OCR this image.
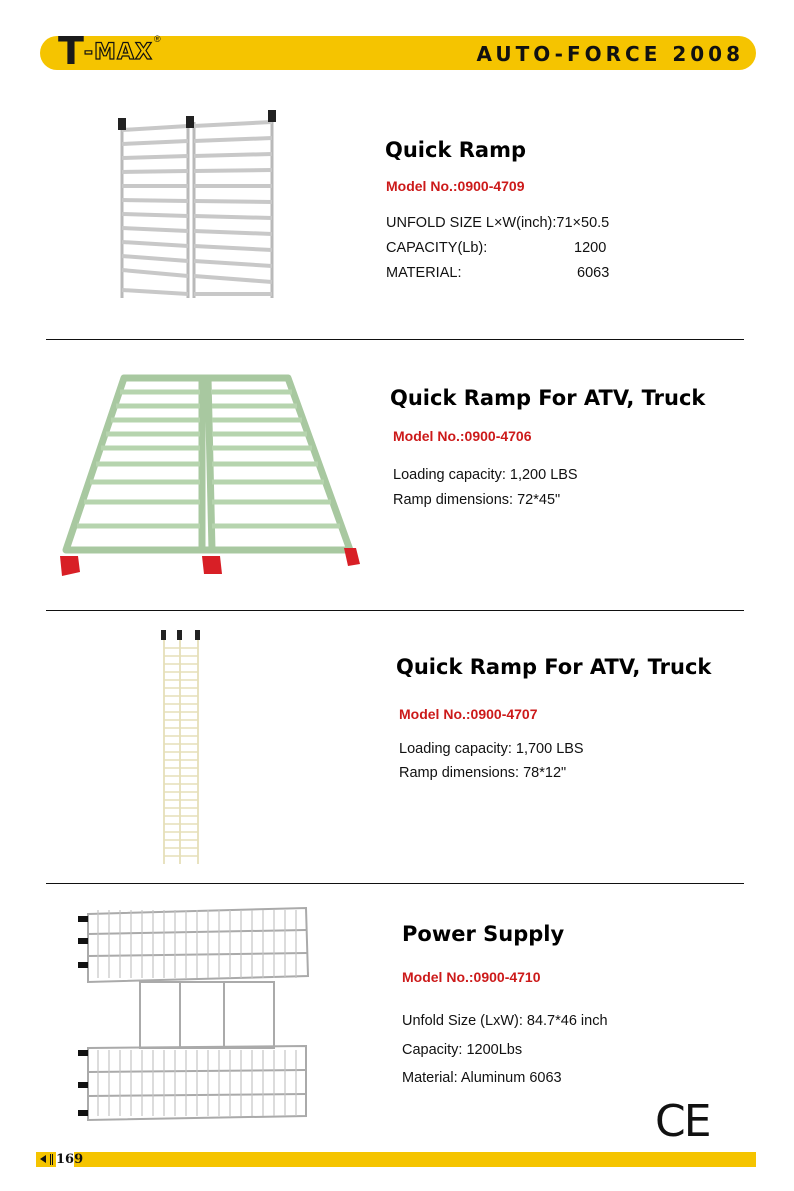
T -MAX
®
AUTO-FORCE 2008
Quick Ramp
Model No.:0900-4709
UNFOLD SIZE L×W(inch):71×50.5
CAPACITY(Lb):	1200
MATERIAL:	6063
Quick Ramp For ATV, Truck
Model No.:0900-4706
Loading capacity: 1,200 LBS
Ramp dimensions: 72*45"
Quick Ramp For ATV, Truck
Model No.:0900-4707
Loading capacity: 1,700 LBS
Ramp dimensions: 78*12"
Power Supply
Model No.:0900-4710
Unfold Size (LxW): 84.7*46 inch
Capacity: 1200Lbs
Material: Aluminum 6063
CE
169
